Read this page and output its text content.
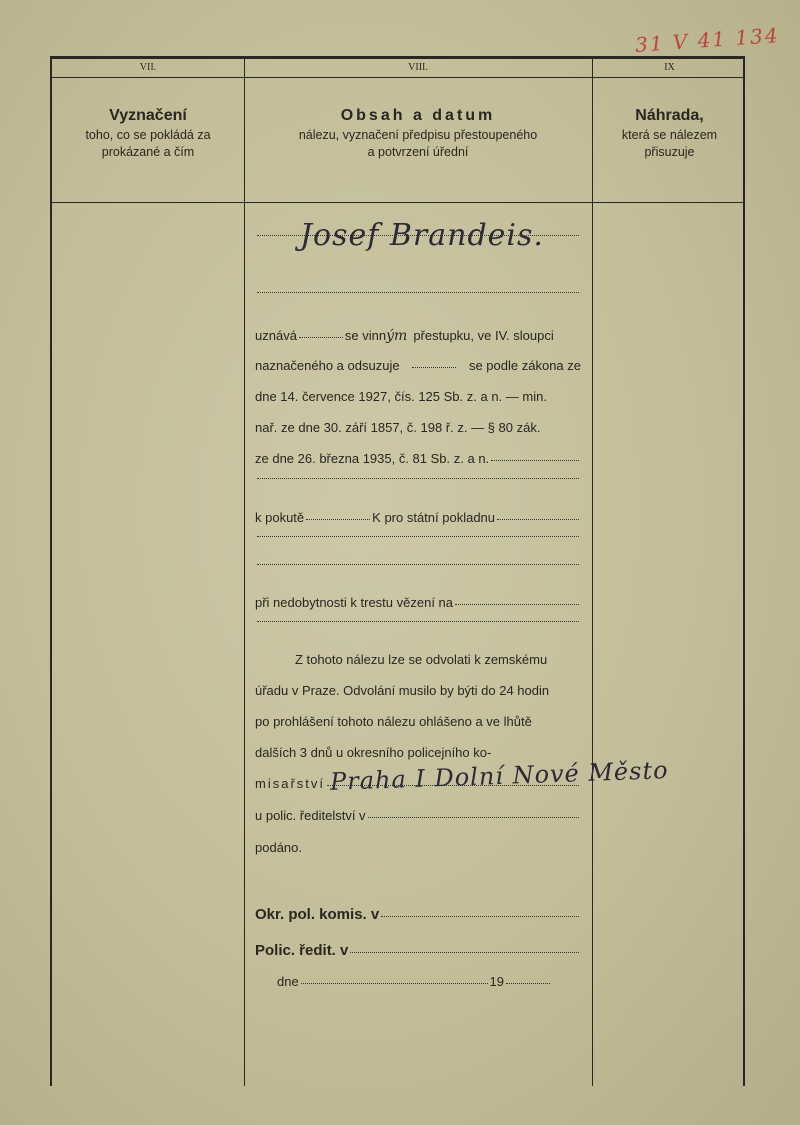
31 V 41 134
VII.	VIII.	IX
Vyznačení
toho, co se pokládá za
prokázané a čím
Obsah a datum
nálezu, vyznačení předpisu přestoupeného
a potvrzení úřední
Náhrada,
která se nálezem
přisuzuje
Josef Brandeis.
uznává	se vinn ým přestupku, ve IV. sloupci
naznačeného a odsuzuje	se podle zákona ze
dne 14. července 1927, čís. 125 Sb. z. a n. — min.
nař. ze dne 30. září 1857, č. 198 ř. z. — § 80 zák.
ze dne 26. března 1935, č. 81 Sb. z. a n.
k pokutě	K pro státní pokladnu
při nedobytnosti k trestu vězení na
Z tohoto nálezu lze se odvolati k zemskému
úřadu v Praze. Odvolání musilo by býti do 24 hodin
po prohlášení tohoto nálezu ohlášeno a ve lhůtě
dalších 3 dnů u okresního policejního ko-
misařství
u polic. ředitelství v
podáno.
Okr. pol. komis. v
Polic. ředit. v
dne	19
Praha I Dolní Nové Město
